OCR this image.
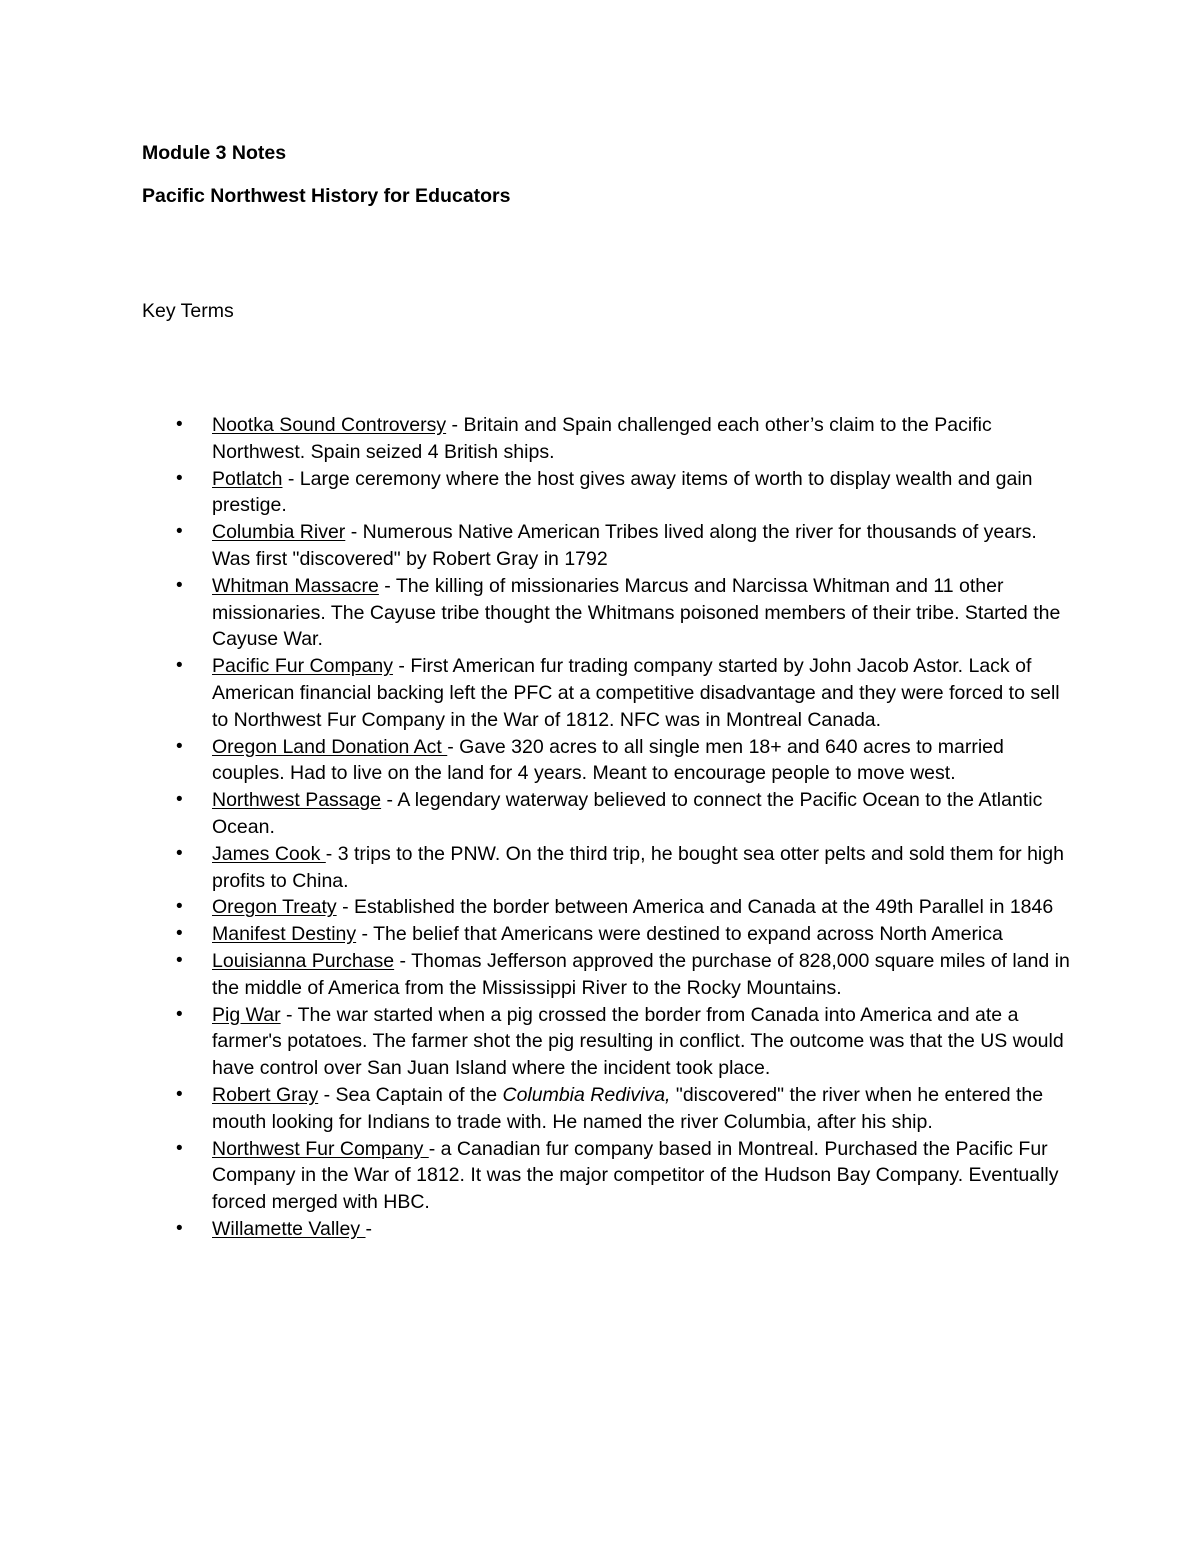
Module 3 Notes
Pacific Northwest History for Educators
Key Terms
• Nootka Sound Controversy - Britain and Spain challenged each other’s claim to the Pacific Northwest. Spain seized 4 British ships.
• Potlatch - Large ceremony where the host gives away items of worth to display wealth and gain prestige.
• Columbia River - Numerous Native American Tribes lived along the river for thousands of years. Was first "discovered" by Robert Gray in 1792
• Whitman Massacre - The killing of missionaries Marcus and Narcissa Whitman and 11 other missionaries. The Cayuse tribe thought the Whitmans poisoned members of their tribe. Started the Cayuse War.
• Pacific Fur Company - First American fur trading company started by John Jacob Astor. Lack of American financial backing left the PFC at a competitive disadvantage and they were forced to sell to Northwest Fur Company in the War of 1812. NFC was in Montreal Canada.
• Oregon Land Donation Act - Gave 320 acres to all single men 18+ and 640 acres to married couples. Had to live on the land for 4 years. Meant to encourage people to move west.
• Northwest Passage - A legendary waterway believed to connect the Pacific Ocean to the Atlantic Ocean.
• James Cook - 3 trips to the PNW. On the third trip, he bought sea otter pelts and sold them for high profits to China.
• Oregon Treaty - Established the border between America and Canada at the 49th Parallel in 1846
• Manifest Destiny - The belief that Americans were destined to expand across North America
• Louisianna Purchase - Thomas Jefferson approved the purchase of 828,000 square miles of land in the middle of America from the Mississippi River to the Rocky Mountains.
• Pig War - The war started when a pig crossed the border from Canada into America and ate a farmer's potatoes. The farmer shot the pig resulting in conflict. The outcome was that the US would have control over San Juan Island where the incident took place.
• Robert Gray - Sea Captain of the Columbia Rediviva, "discovered" the river when he entered the mouth looking for Indians to trade with. He named the river Columbia, after his ship.
• Northwest Fur Company - a Canadian fur company based in Montreal. Purchased the Pacific Fur Company in the War of 1812. It was the major competitor of the Hudson Bay Company. Eventually forced merged with HBC.
• Willamette Valley -
